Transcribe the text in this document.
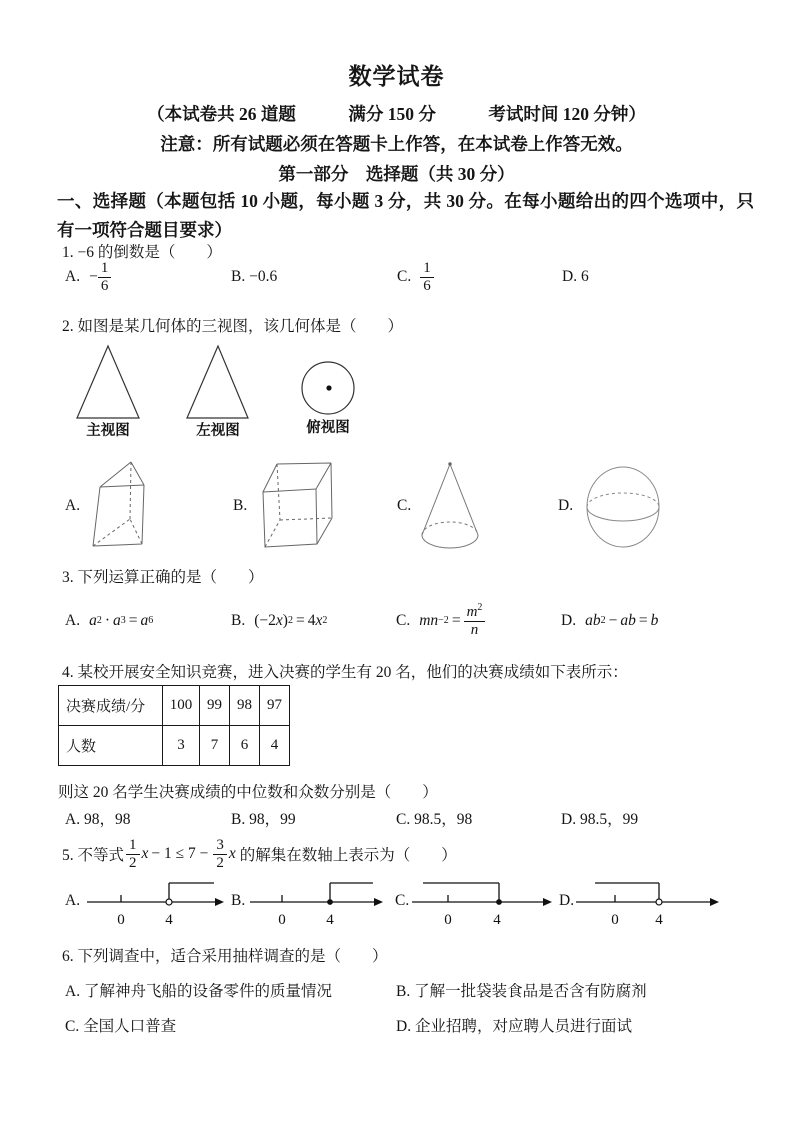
数学试卷
（本试卷共 26 道题　　　满分 150 分　　　考试时间 120 分钟）
注意：所有试题必须在答题卡上作答，在本试卷上作答无效。
第一部分　选择题（共 30 分）
一、选择题（本题包括 10 小题，每小题 3 分，共 30 分。在每小题给出的四个选项中，只有一项符合题目要求）
1. −6 的倒数是（　　）
A. − $\frac{1}{6}$	B. −0.6	C. $\frac{1}{6}$	D. 6
2. 如图是某几何体的三视图，该几何体是（　　）
主视图	左视图	俯视图
A.	B.	C.	D.
3. 下列运算正确的是（　　）
A. a 2 · a 3 = a 6	B. (−2 x ) 2 = 4 x 2	C. mn $-2 = \frac{m^2}{n}$	D. ab 2 − ab = b
4. 某校开展安全知识竞赛，进入决赛的学生有 20 名，他们的决赛成绩如下表所示：
决赛成绩/分	100	99	98	97
人数	3	7	6	4
则这 20 名学生决赛成绩的中位数和众数分别是（　　）
A. 98，98	B. 98，99	C. 98.5，98	D. 98.5，99
5. 不等式 $\frac{1}{2}$ $x - 1 \le 7 - \frac{3}{2}$ x 的解集在数轴上表示为（　　）
A.
0	4
B.
0	4
C.
0	4
D.
0 4
6. 下列调查中，适合采用抽样调查的是（　　）
A. 了解神舟飞船的设备零件的质量情况	B. 了解一批袋装食品是否含有防腐剂
C. 全国人口普查	D. 企业招聘，对应聘人员进行面试
